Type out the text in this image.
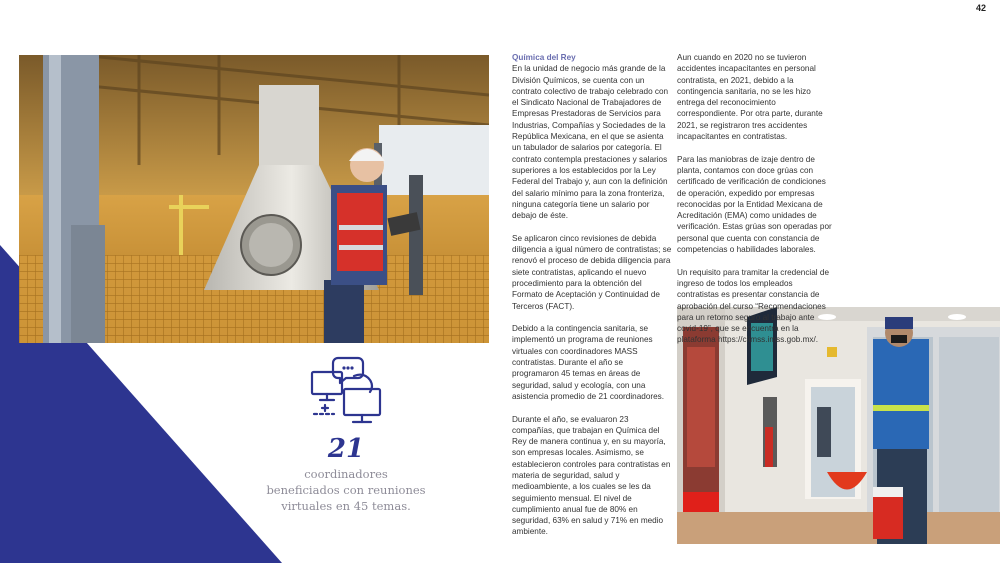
42
21
coordinadores
beneficiados con reuniones
virtuales en 45 temas.

Química del Rey
En la unidad de negocio más grande de la División Químicos, se cuenta con un contrato colectivo de trabajo celebrado con el Sindicato Nacional de Trabajadores de Empresas Prestadoras de Servicios para Industrias, Compañías y Sociedades de la República Mexicana, en el que se asienta un tabulador de salarios por categoría. El contrato contempla prestaciones y salarios superiores a los establecidos por la Ley Federal del Trabajo y, aun con la definición del salario mínimo para la zona fronteriza, ninguna categoría tiene un salario por debajo de éste.

Se aplicaron cinco revisiones de debida diligencia a igual número de contratistas; se renovó el proceso de debida diligencia para siete contratistas, aplicando el nuevo procedimiento para la obtención del Formato de Aceptación y Continuidad de Terceros (FACT).

Debido a la contingencia sanitaria, se implementó un programa de reuniones virtuales con coordinadores MASS contratistas. Durante el año se programaron 45 temas en áreas de seguridad, salud y ecología, con una asistencia promedio de 21 coordinadores.

Durante el año, se evaluaron 23 compañías, que trabajan en Química del Rey de manera continua y, en su mayoría, son empresas locales. Asimismo, se establecieron controles para contratistas en materia de seguridad, salud y medioambiente, a los cuales se les da seguimiento mensual. El nivel de cumplimiento anual fue de 80% en seguridad, 63% en salud y 71% en medio ambiente.

Aun cuando en 2020 no se tuvieron accidentes incapacitantes en personal contratista, en 2021, debido a la contingencia sanitaria, no se les hizo entrega del reconocimiento correspondiente. Por otra parte, durante 2021, se registraron tres accidentes incapacitantes en contratistas.

Para las maniobras de izaje dentro de planta, contamos con doce grúas con certificado de verificación de condiciones de operación, expedido por empresas reconocidas por la Entidad Mexicana de Acreditación (EMA) como unidades de verificación. Estas grúas son operadas por personal que cuenta con constancia de competencias o habilidades laborales.

Un requisito para tramitar la credencial de ingreso de todos los empleados contratistas es presentar constancia de aprobación del curso “Recomendaciones para un retorno seguro al trabajo ante covid-19”, que se encuentra en la plataforma https://climss.imss.gob.mx/.
